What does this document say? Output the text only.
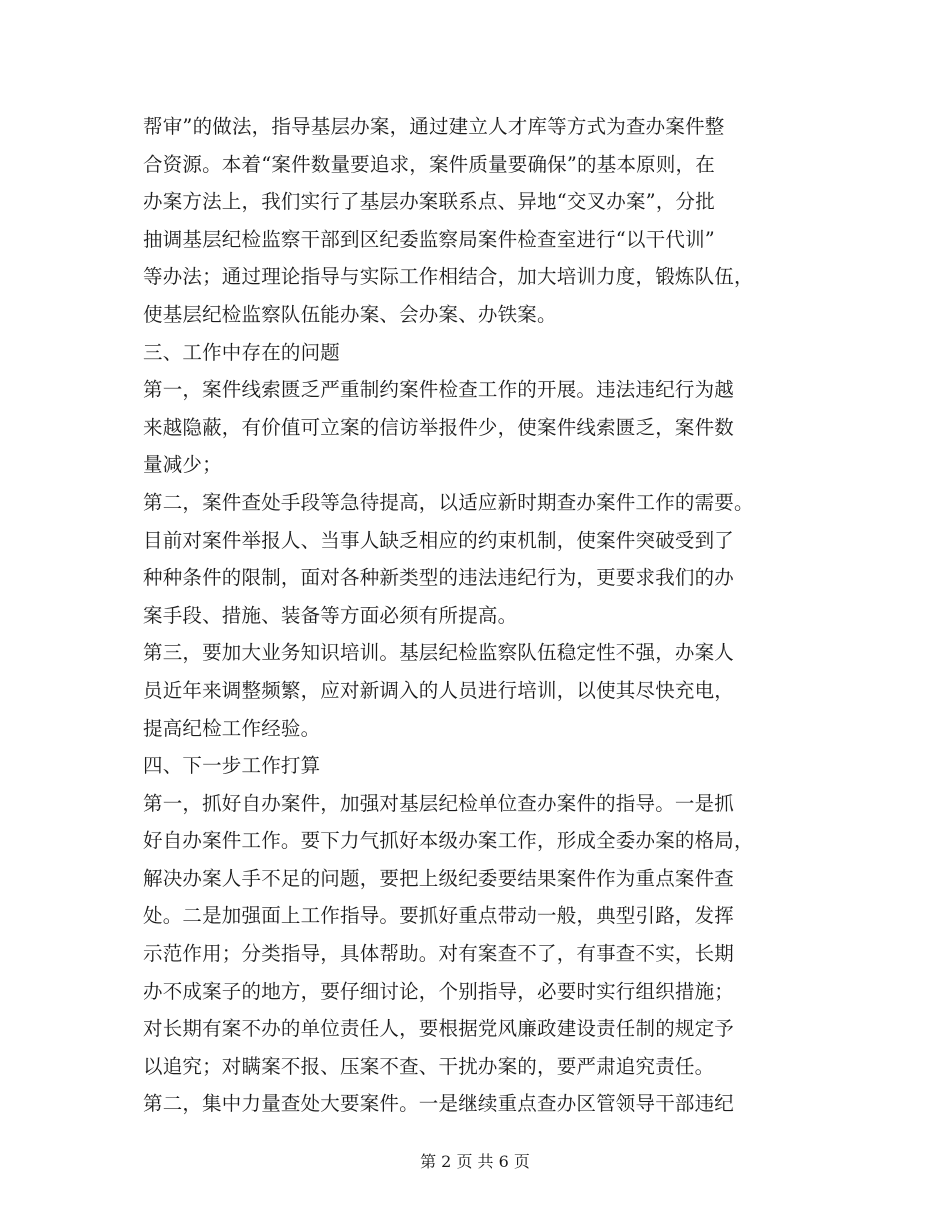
帮审”的做法，指导基层办案，通过建立人才库等方式为查办案件整
合资源。本着“案件数量要追求，案件质量要确保”的基本原则，在
办案方法上，我们实行了基层办案联系点、异地“交叉办案”，分批
抽调基层纪检监察干部到区纪委监察局案件检查室进行“以干代训”
等办法；通过理论指导与实际工作相结合，加大培训力度，锻炼队伍，
使基层纪检监察队伍能办案、会办案、办铁案。
三、工作中存在的问题
第一，案件线索匮乏严重制约案件检查工作的开展。违法违纪行为越
来越隐蔽，有价值可立案的信访举报件少，使案件线索匮乏，案件数
量减少；
第二，案件查处手段等急待提高，以适应新时期查办案件工作的需要。
目前对案件举报人、当事人缺乏相应的约束机制，使案件突破受到了
种种条件的限制，面对各种新类型的违法违纪行为，更要求我们的办
案手段、措施、装备等方面必须有所提高。
第三，要加大业务知识培训。基层纪检监察队伍稳定性不强，办案人
员近年来调整频繁，应对新调入的人员进行培训，以使其尽快充电，
提高纪检工作经验。
四、下一步工作打算
第一，抓好自办案件，加强对基层纪检单位查办案件的指导。一是抓
好自办案件工作。要下力气抓好本级办案工作，形成全委办案的格局，
解决办案人手不足的问题，要把上级纪委要结果案件作为重点案件查
处。二是加强面上工作指导。要抓好重点带动一般，典型引路，发挥
示范作用；分类指导，具体帮助。对有案查不了，有事查不实，长期
办不成案子的地方，要仔细讨论，个别指导，必要时实行组织措施；
对长期有案不办的单位责任人，要根据党风廉政建设责任制的规定予
以追究；对瞒案不报、压案不查、干扰办案的，要严肃追究责任。
第二，集中力量查处大要案件。一是继续重点查办区管领导干部违纪
第 2 页 共 6 页
